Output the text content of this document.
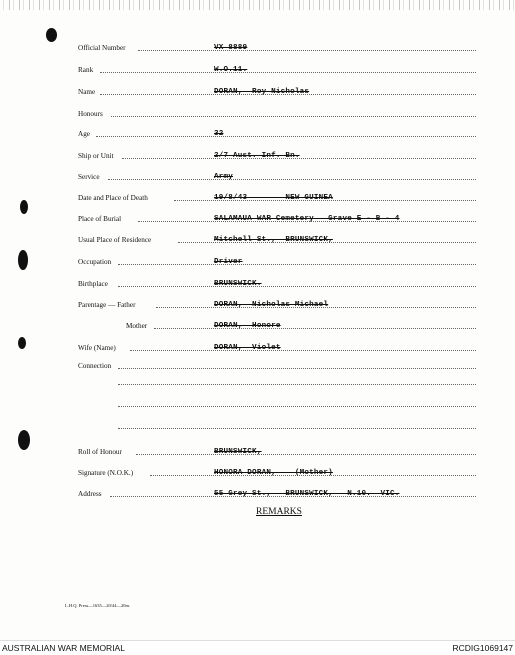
Official Number	VX 8889
Rank	W.O.11.
Name	DORAN,  Roy Nicholas
Honours
Age	32
Ship or Unit	2/7 Aust. Inf. Bn.
Service	Army
Date and Place of Death	19/8/43        NEW GUINEA
Place of Burial	SALAMAUA WAR Cemetery   Grave E - B - 4
Usual Place of Residence	Mitchell St.,  BRUNSWICK,
Occupation	Driver
Birthplace	BRUNSWICK.
Parentage — Father	DORAN,  Nicholas Michael
Mother	DORAN,  Honore
Wife (Name)	DORAN,  Violet
Connection
Roll of Honour	BRUNSWICK,
Signature (N.O.K.)	HONORA DORAN,    (Mother)
Address	55 Grey St.,   BRUNSWICK,   N.10.  VIC.
REMARKS
L.H.Q. Press—1635—20/44—20m.
AUSTRALIAN WAR MEMORIAL	RCDIG1069147
